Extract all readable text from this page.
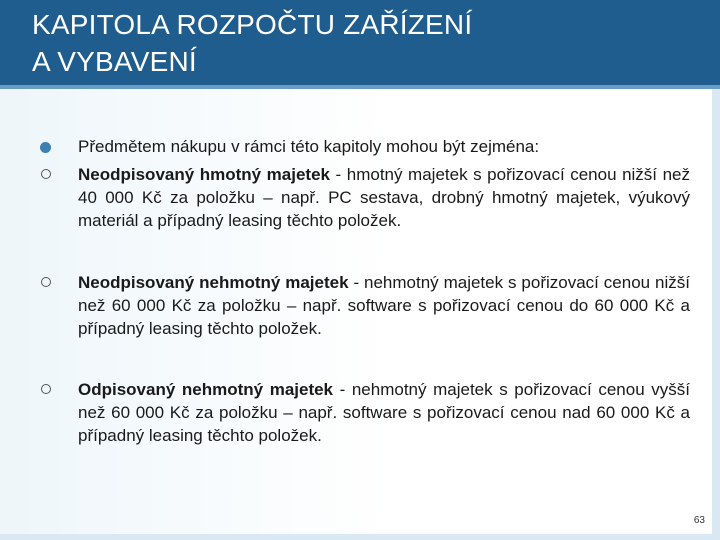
KAPITOLA ROZPOČTU ZAŘÍZENÍ
A VYBAVENÍ
Předmětem nákupu v rámci této kapitoly mohou být zejména:
Neodpisovaný hmotný majetek - hmotný majetek s pořizovací cenou nižší než 40 000 Kč za položku – např. PC sestava, drobný hmotný majetek, výukový materiál a případný leasing těchto položek.
Neodpisovaný nehmotný majetek - nehmotný majetek s pořizovací cenou nižší než 60 000 Kč za položku – např. software s pořizovací cenou do 60 000 Kč a případný leasing těchto položek.
Odpisovaný nehmotný majetek - nehmotný majetek s pořizovací cenou vyšší než 60 000 Kč za položku – např. software s pořizovací cenou nad 60 000 Kč a případný leasing těchto položek.
63
